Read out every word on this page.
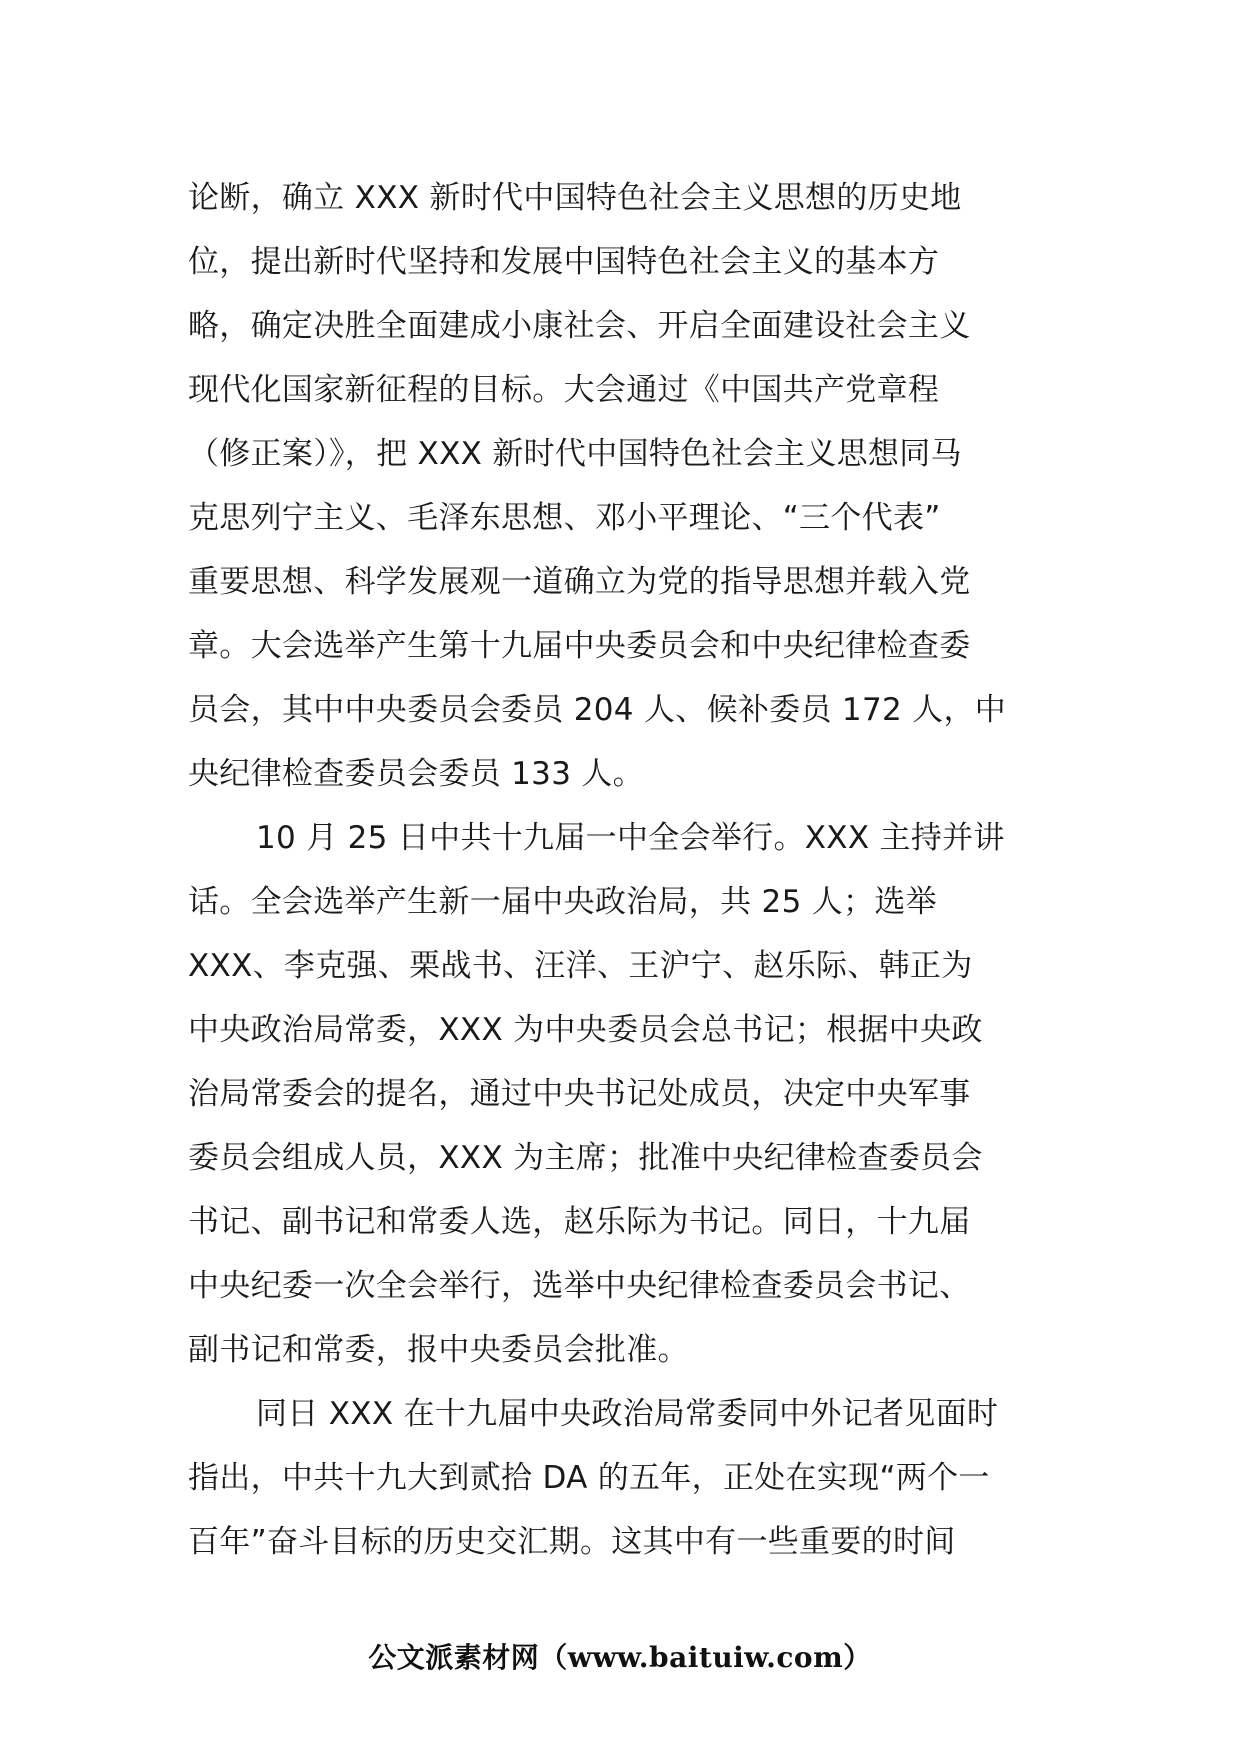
论断，确立 XXX 新时代中国特色社会主义思想的历史地
位，提出新时代坚持和发展中国特色社会主义的基本方
略，确定决胜全面建成小康社会、开启全面建设社会主义
现代化国家新征程的目标。大会通过《中国共产党章程
（修正案）》，把 XXX 新时代中国特色社会主义思想同马
克思列宁主义、毛泽东思想、邓小平理论、“三个代表”
重要思想、科学发展观一道确立为党的指导思想并载入党
章。大会选举产生第十九届中央委员会和中央纪律检查委
员会，其中中央委员会委员 204 人、候补委员 172 人，中
央纪律检查委员会委员 133 人。
10 月 25 日中共十九届一中全会举行。XXX 主持并讲
话。全会选举产生新一届中央政治局，共 25 人；选举
XXX、李克强、栗战书、汪洋、王沪宁、赵乐际、韩正为
中央政治局常委，XXX 为中央委员会总书记；根据中央政
治局常委会的提名，通过中央书记处成员，决定中央军事
委员会组成人员，XXX 为主席；批准中央纪律检查委员会
书记、副书记和常委人选，赵乐际为书记。同日，十九届
中央纪委一次全会举行，选举中央纪律检查委员会书记、
副书记和常委，报中央委员会批准。
同日 XXX 在十九届中央政治局常委同中外记者见面时
指出，中共十九大到贰拾 DA 的五年，正处在实现“两个一
百年”奋斗目标的历史交汇期。这其中有一些重要的时间
公文派素材网（www.baituiw.com）
